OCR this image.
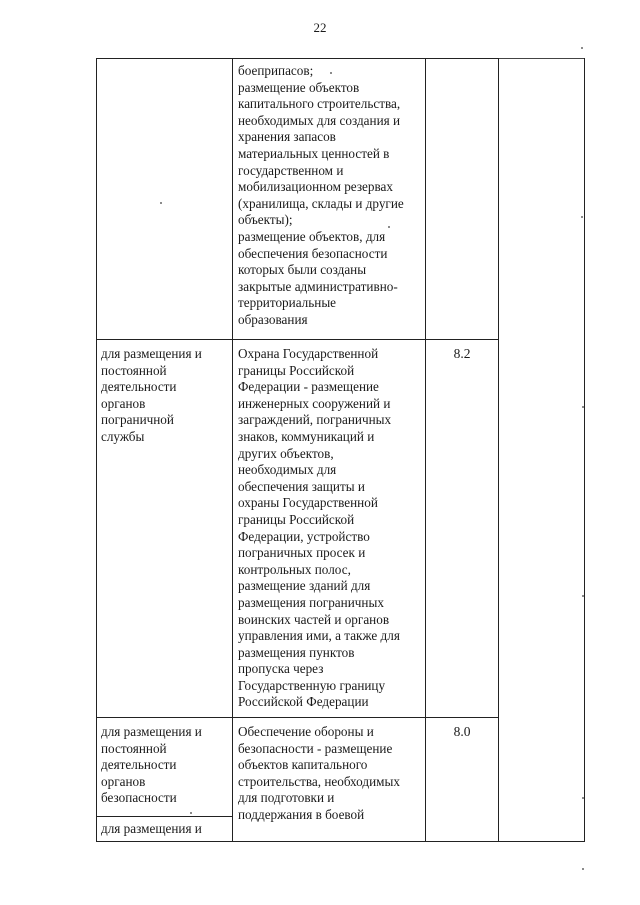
22
боеприпасов;
размещение объектов
капитального строительства,
необходимых для создания и
хранения запасов
материальных ценностей в
государственном и
мобилизационном резервах
(хранилища, склады и другие
объекты);
размещение объектов, для
обеспечения безопасности
которых были созданы
закрытые административно-
территориальные
образования
для размещения и
постоянной
деятельности
органов
пограничной
службы
Охрана Государственной
границы Российской
Федерации - размещение
инженерных сооружений и
заграждений, пограничных
знаков, коммуникаций и
других объектов,
необходимых для
обеспечения защиты и
охраны Государственной
границы Российской
Федерации, устройство
пограничных просек и
контрольных полос,
размещение зданий для
размещения пограничных
воинских частей и органов
управления ими, а также для
размещения пунктов
пропуска через
Государственную границу
Российской Федерации
8.2
для размещения и
постоянной
деятельности
органов
безопасности
Обеспечение обороны и
безопасности - размещение
объектов капитального
строительства, необходимых
для подготовки и
поддержания в боевой
8.0
для размещения и
